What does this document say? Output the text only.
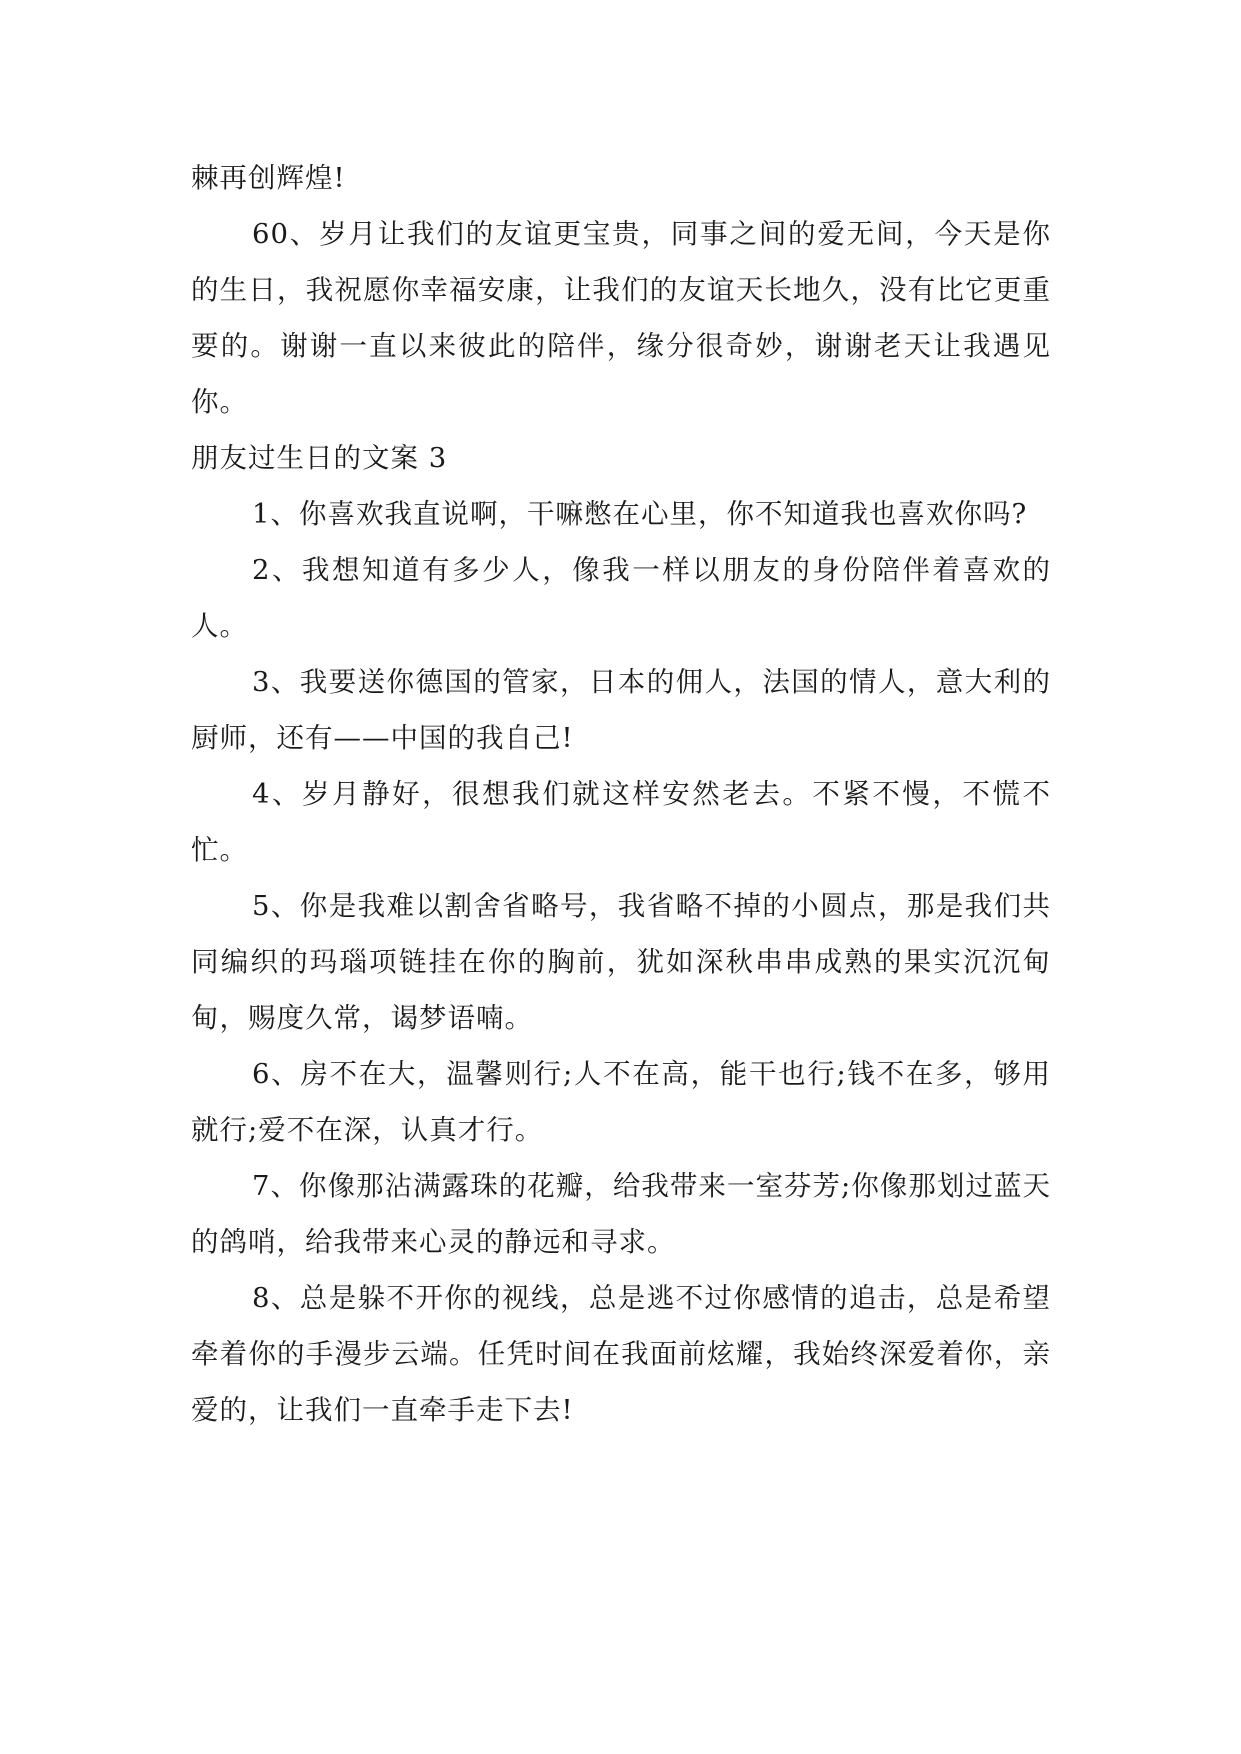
棘再创辉煌!

60、岁月让我们的友谊更宝贵，同事之间的爱无间，今天是你的生日，我祝愿你幸福安康，让我们的友谊天长地久，没有比它更重要的。谢谢一直以来彼此的陪伴，缘分很奇妙，谢谢老天让我遇见你。

朋友过生日的文案 3

1、你喜欢我直说啊，干嘛憋在心里，你不知道我也喜欢你吗?

2、我想知道有多少人，像我一样以朋友的身份陪伴着喜欢的人。

3、我要送你德国的管家，日本的佣人，法国的情人，意大利的厨师，还有——中国的我自己!

4、岁月静好，很想我们就这样安然老去。不紧不慢，不慌不忙。

5、你是我难以割舍省略号，我省略不掉的小圆点，那是我们共同编织的玛瑙项链挂在你的胸前，犹如深秋串串成熟的果实沉沉甸甸，赐度久常，谒梦语喃。

6、房不在大，温馨则行;人不在高，能干也行;钱不在多，够用就行;爱不在深，认真才行。

7、你像那沾满露珠的花瓣，给我带来一室芬芳;你像那划过蓝天的鸽哨，给我带来心灵的静远和寻求。

8、总是躲不开你的视线，总是逃不过你感情的追击，总是希望牵着你的手漫步云端。任凭时间在我面前炫耀，我始终深爱着你，亲爱的，让我们一直牵手走下去!
